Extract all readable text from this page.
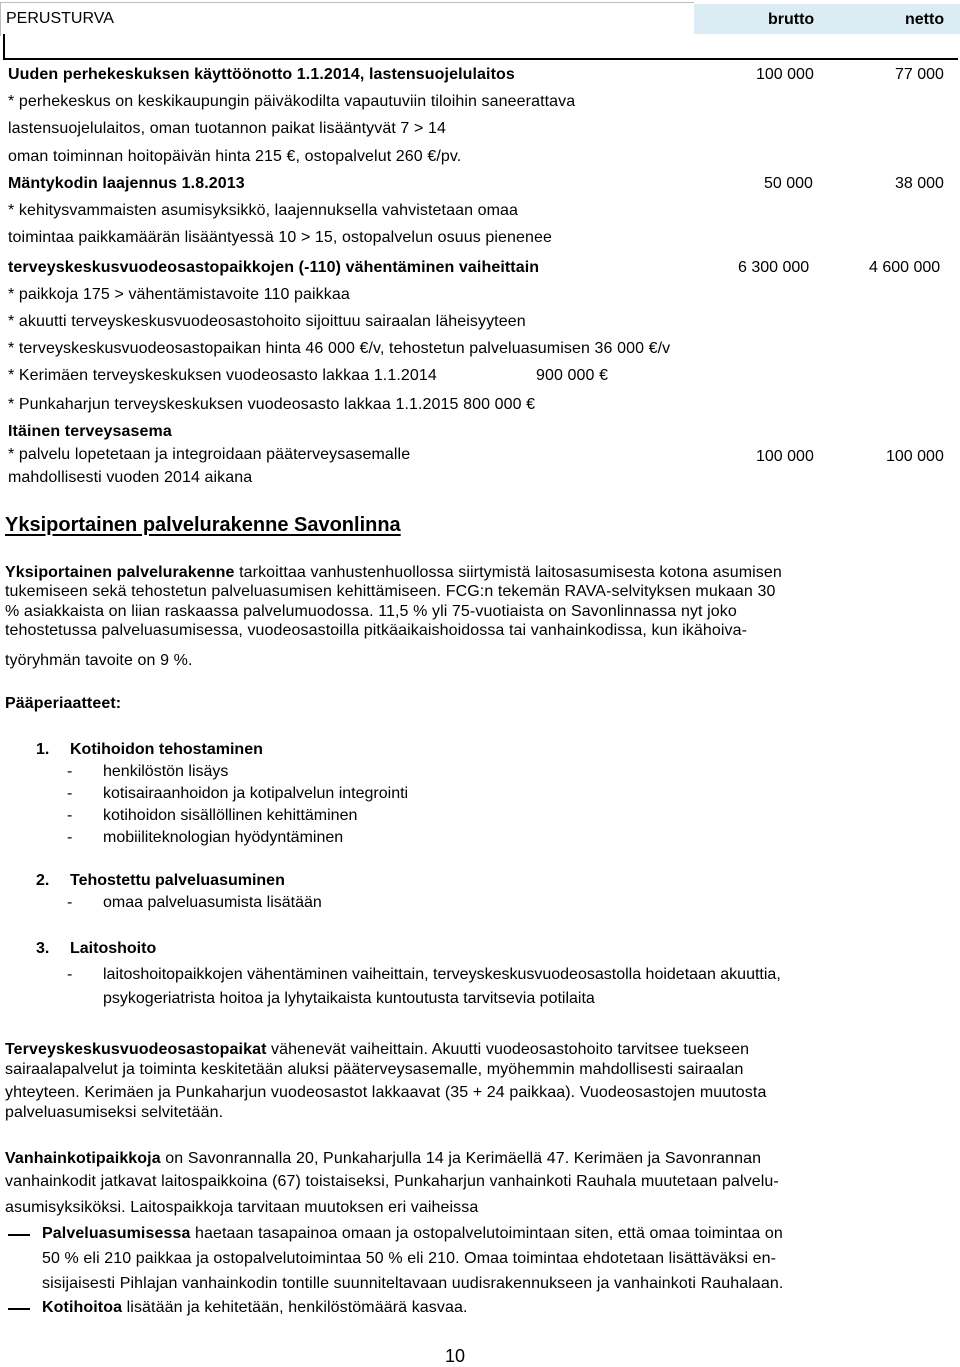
PERUSTURVA	brutto	netto
Uuden perhekeskuksen käyttöönotto 1.1.2014, lastensuojelulaitos	100 000	77 000
* perhekeskus on keskikaupungin päiväkodilta vapautuviin tiloihin saneerattava
lastensuojelulaitos, oman tuotannon paikat lisääntyvät 7 > 14
oman toiminnan hoitopäivän hinta 215 €, ostopalvelut 260 €/pv.
Mäntykodin laajennus 1.8.2013	50 000	38 000
* kehitysvammaisten asumisyksikkö, laajennuksella vahvistetaan omaa
toimintaa paikkamäärän lisääntyessä 10 > 15, ostopalvelun osuus pienenee
terveyskeskusvuodeosastopaikkojen (-110) vähentäminen vaiheittain	6 300 000	4 600 000
* paikkoja 175 > vähentämistavoite 110 paikkaa
* akuutti terveyskeskusvuodeosastohoito sijoittuu sairaalan läheisyyteen
* terveyskeskusvuodeosastopaikan hinta 46 000 €/v, tehostetun palveluasumisen 36 000 €/v
* Kerimäen terveyskeskuksen vuodeosasto lakkaa 1.1.2014	900 000 €
* Punkaharjun terveyskeskuksen vuodeosasto lakkaa 1.1.2015 800 000 €
Itäinen terveysasema
* palvelu lopetetaan ja integroidaan pääterveysasemalle	100 000	100 000
mahdollisesti vuoden 2014 aikana
Yksiportainen palvelurakenne Savonlinna
Yksiportainen palvelurakenne tarkoittaa vanhustenhuollossa siirtymistä laitosasumisesta kotona asumisen
tukemiseen sekä tehostetun palveluasumisen kehittämiseen. FCG:n tekemän RAVA-selvityksen mukaan 30
% asiakkaista on liian raskaassa palvelumuodossa. 11,5 % yli 75-vuotiaista on Savonlinnassa nyt joko
tehostetussa palveluasumisessa, vuodeosastoilla pitkäaikaishoidossa tai vanhainkodissa, kun ikähoiva-
työryhmän tavoite on 9 %.
Pääperiaatteet:
1. Kotihoidon tehostaminen
- henkilöstön lisäys
- kotisairaanhoidon ja kotipalvelun integrointi
- kotihoidon sisällöllinen kehittäminen
- mobiiliteknologian hyödyntäminen
2. Tehostettu palveluasuminen
- omaa palveluasumista lisätään
3. Laitoshoito
- laitoshoitopaikkojen vähentäminen vaiheittain, terveyskeskusvuodeosastolla hoidetaan akuuttia,
psykogeriatrista hoitoa ja lyhytaikaista kuntoutusta tarvitsevia potilaita
Terveyskeskusvuodeosastopaikat vähenevät vaiheittain. Akuutti vuodeosastohoito tarvitsee tuekseen
sairaalapalvelut ja toiminta keskitetään aluksi pääterveysasemalle, myöhemmin mahdollisesti sairaalan
yhteyteen. Kerimäen ja Punkaharjun vuodeosastot lakkaavat (35 + 24 paikkaa). Vuodeosastojen muutosta
palveluasumiseksi selvitetään.
Vanhainkotipaikkoja on Savonrannalla 20, Punkaharjulla 14 ja Kerimäellä 47. Kerimäen ja Savonrannan
vanhainkodit jatkavat laitospaikkoina (67) toistaiseksi, Punkaharjun vanhainkoti Rauhala muutetaan palvelu-
asumisyksiköksi. Laitospaikkoja tarvitaan muutoksen eri vaiheissa
Palveluasumisessa haetaan tasapainoa omaan ja ostopalvelutoimintaan siten, että omaa toimintaa on
50 % eli 210 paikkaa ja ostopalvelutoimintaa 50 % eli 210. Omaa toimintaa ehdotetaan lisättäväksi en-
sisijaisesti Pihlajan vanhainkodin tontille suunniteltavaan uudisrakennukseen ja vanhainkoti Rauhalaan.
Kotihoitoa lisätään ja kehitetään, henkilöstömäärä kasvaa.
10
